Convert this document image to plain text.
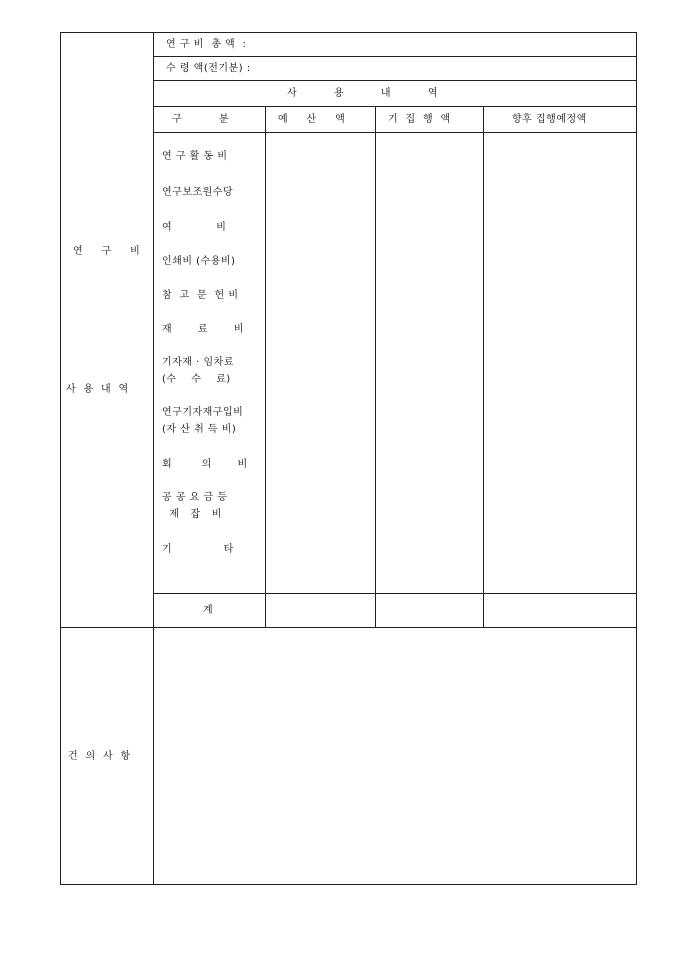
연 구 비  총 액  :
수 령 액(전기분) :
사          용          내          역
구          분	예     산     액	기  집  행  액	향후 집행예정액
연     구     비
사  용  내  역
건  의  사  항
연 구 활 동 비
연구보조원수당
여            비
인쇄비 (수용비)
참  고  문  헌 비
재       료       비
기자재 · 임차료
(수    수    료)
연구기자재구입비
(자 산 취 득 비)
회        의       비
공 공 요 금 등
제   잡   비
기              타
계
